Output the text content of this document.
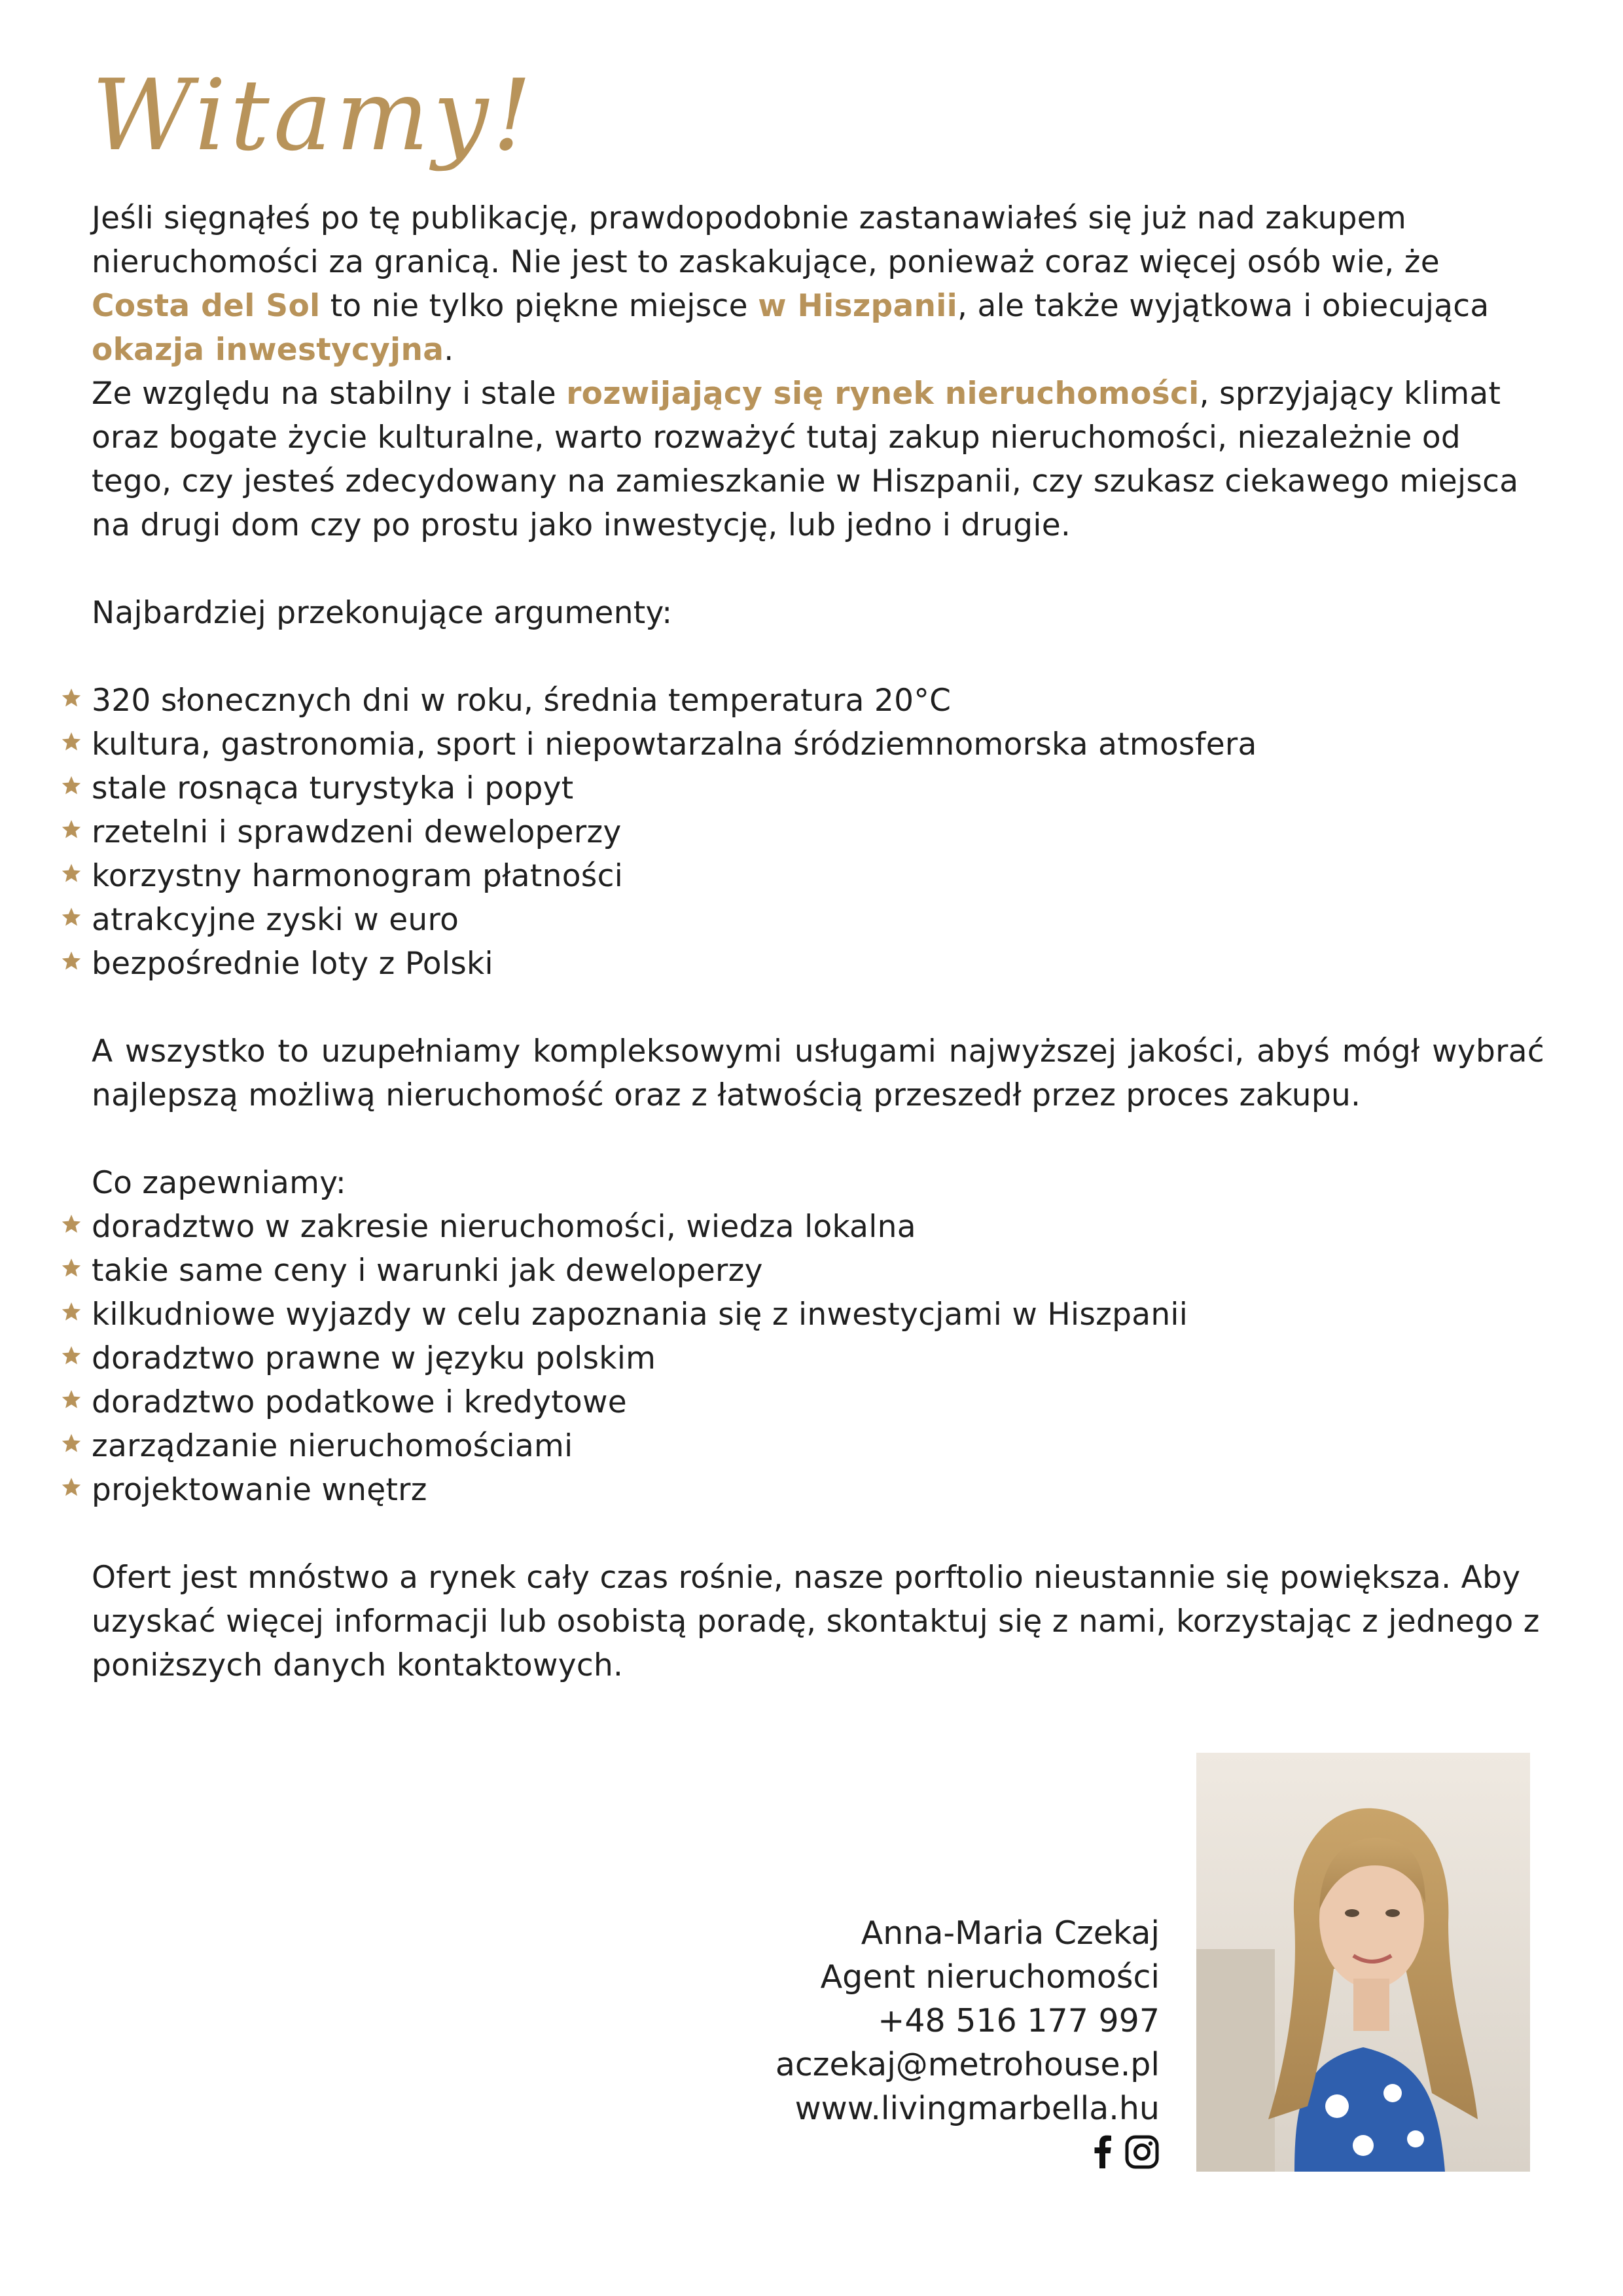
Witamy!

Jeśli sięgnąłeś po tę publikację, prawdopodobnie zastanawiałeś się już nad zakupem nieruchomości za granicą. Nie jest to zaskakujące, ponieważ coraz więcej osób wie, że Costa del Sol to nie tylko piękne miejsce w Hiszpanii, ale także wyjątkowa i obiecująca okazja inwestycyjna.

Ze względu na stabilny i stale rozwijający się rynek nieruchomości, sprzyjający klimat oraz bogate życie kulturalne, warto rozważyć tutaj zakup nieruchomości, niezależnie od tego, czy jesteś zdecydowany na zamieszkanie w Hiszpanii, czy szukasz ciekawego miejsca na drugi dom czy po prostu jako inwestycję, lub jedno i drugie.

Najbardziej przekonujące argumenty:

320 słonecznych dni w roku, średnia temperatura 20°C
kultura, gastronomia, sport i niepowtarzalna śródziemnomorska atmosfera
stale rosnąca turystyka i popyt
rzetelni i sprawdzeni deweloperzy
korzystny harmonogram płatności
atrakcyjne zyski w euro
bezpośrednie loty z Polski

A wszystko to uzupełniamy kompleksowymi usługami najwyższej jakości, abyś mógł wybrać najlepszą możliwą nieruchomość oraz z łatwością przeszedł przez proces zakupu.

Co zapewniamy:

doradztwo w zakresie nieruchomości, wiedza lokalna
takie same ceny i warunki jak deweloperzy
kilkudniowe wyjazdy w celu zapoznania się z inwestycjami w Hiszpanii
doradztwo prawne w języku polskim
doradztwo podatkowe i kredytowe
zarządzanie nieruchomościami
projektowanie wnętrz

Ofert jest mnóstwo a rynek cały czas rośnie, nasze porftolio nieustannie się powiększa. Aby uzyskać więcej informacji lub osobistą poradę, skontaktuj się z nami, korzystając z jednego z poniższych danych kontaktowych.

Anna-Maria Czekaj
Agent nieruchomości
+48 516 177 997
aczekaj@metrohouse.pl
www.livingmarbella.hu
